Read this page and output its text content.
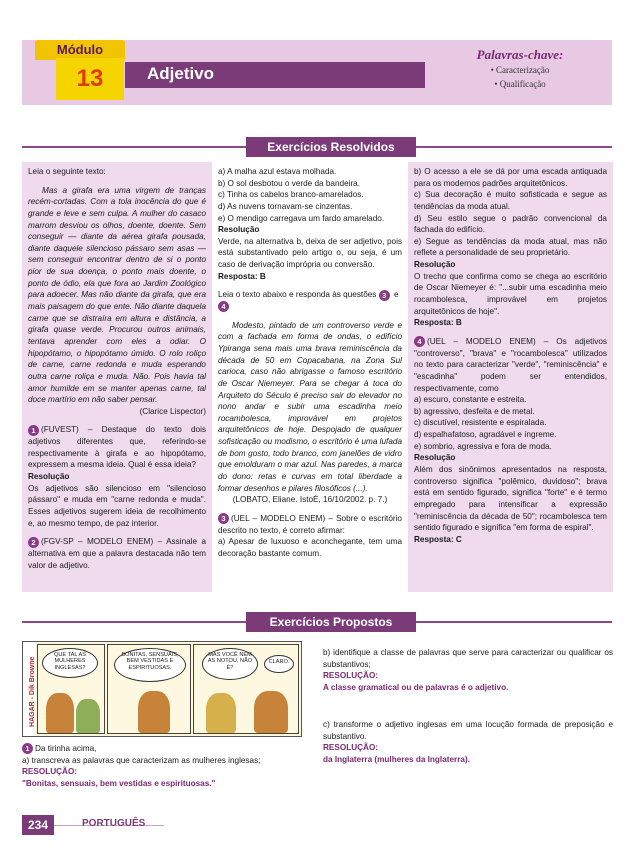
Módulo
13	Adjetivo
Palavras-chave:
• Caracterização
• Qualificação
Exercícios Resolvidos

Leia o seguinte texto:

Mas a girafa era uma virgem de tranças recém-cortadas. Com a tola inocência do que é grande e leve e sem culpa. A mulher do casaco marrom desviou os olhos, doente, doente. Sem conseguir — diante da aérea girafa pousada, diante daquele silencioso pássaro sem asas — sem conseguir encontrar dentro de si o ponto pior de sua doença, o ponto mais doente, o ponto de ódio, ela que fora ao Jardim Zoológico para adoecer. Mas não diante da girafa, que era mais paisagem do que ente. Não diante daquela carne que se distraíra em altura e distância, a girafa quase verde. Procurou outros animais, tentava aprender com eles a odiar. O hipopótamo, o hipopótamo úmido. O rolo roliço de carne, carne redonda e muda esperando outra carne roliça e muda. Não. Pois havia tal amor humilde em se manter apenas carne, tal doce martírio em não saber pensar.

(Clarice Lispector)

1 (FUVEST) – Destaque do texto dois adjetivos diferentes que, referindo-se respectivamente à girafa e ao hipopótamo, expressem a mesma ideia. Qual é essa ideia?

Resolução

Os adjetivos são silencioso em "silencioso pássaro" e muda em "carne redonda e muda". Esses adjetivos sugerem ideia de recolhimento e, ao mesmo tempo, de paz interior.

2 (FGV-SP – MODELO ENEM) – Assinale a alternativa em que a palavra destacada não tem valor de adjetivo.

a) A malha azul estava molhada.

b) O sol desbotou o verde da bandeira.

c) Tinha os cabelos branco-amarelados.

d) As nuvens tornavam-se cinzentas.

e) O mendigo carregava um fardo amarelado.

Resolução

Verde, na alternativa b, deixa de ser adjetivo, pois está substantivado pelo artigo o, ou seja, é um caso de derivação imprópria ou conversão.

Resposta: B

Leia o texto abaixo e responda às questões 3 e 4

Modesto, pintado de um controverso verde e com a fachada em forma de ondas, o edifício Ypiranga sena mais uma brava reminiscência da década de 50 em Copacabana, na Zona Sul carioca, caso não abrigasse o famoso escritório de Oscar Niemeyer. Para se chegar à toca do Arquiteto do Século é preciso sair do elevador no nono andar e subir uma escadinha meio rocambolesca, improvável em projetos arquitetônicos de hoje. Despojado de qualquer sofisticação ou modismo, o escritório é uma lufada de bom gosto, todo branco, com janelões de vidro que emolduram o mar azul. Nas paredes, a marca do dono: retas e curvas em total liberdade a formar desenhos e pilares filosóficos (...).

(LOBATO, Eliane. IstoÉ, 16/10/2002. p. 7.)

3 (UEL – MODELO ENEM) – Sobre o escritório descrito no texto, é correto afirmar:

a) Apesar de luxuoso e aconchegante, tem uma decoração bastante comum.

b) O acesso a ele se dá por uma escada antiquada para os modernos padrões arquitetônicos.

c) Sua decoração é muito sofisticada e segue as tendências da moda atual.

d) Seu estilo segue o padrão convencional da fachada do edifício.

e) Segue as tendências da moda atual, mas não reflete a personalidade de seu proprietário.

Resolução

O trecho que confirma como se chega ao escritório de Oscar Niemeyer é: "...subir uma escadinha meio rocambolesca, improvável em projetos arquitetônicos de hoje".

Resposta: B

4 (UEL – MODELO ENEM) – Os adjetivos "controverso", "brava" e "rocambolesca" utilizados no texto para caracterizar "verde", "reminiscência" e "escadinha" podem ser entendidos, respectivamente, como

a) escuro, constante e estreita.

b) agressivo, desfeita e de metal.

c) discutível, resistente e espiralada.

d) espalhafatoso, agradável e íngreme.

e) sombrio, agressiva e fora de moda.

Resolução

Além dos sinônimos apresentados na resposta, controverso significa "polêmico, duvidoso"; brava está em sentido figurado, significa "forte" e é termo empregado para intensificar a expressão "reminiscência da década de 50"; rocambolesca tem sentido figurado e significa "em forma de espiral".

Resposta: C

Exercícios Propostos
HAGAR - Dik Browne
QUE TAL AS MULHERES INGLESAS?
BONITAS, SENSUAIS, BEM VESTIDAS E ESPIRITUOSAS.
MAS VOCÊ NEM AS NOTOU, NÃO É?
CLARO.

1 Da tirinha acima,

a) transcreva as palavras que caracterizam as mulheres inglesas;

RESOLUÇÃO:

"Bonitas, sensuais, bem vestidas e espirituosas."

b) identifique a classe de palavras que serve para caracterizar ou qualificar os substantivos;

RESOLUÇÃO:

A classe gramatical ou de palavras é o adjetivo.

c) transforme o adjetivo inglesas em uma locução formada de preposição e substantivo.

RESOLUÇÃO:

da Inglaterra (mulheres da Inglaterra).

234	PORTUGUÊS
